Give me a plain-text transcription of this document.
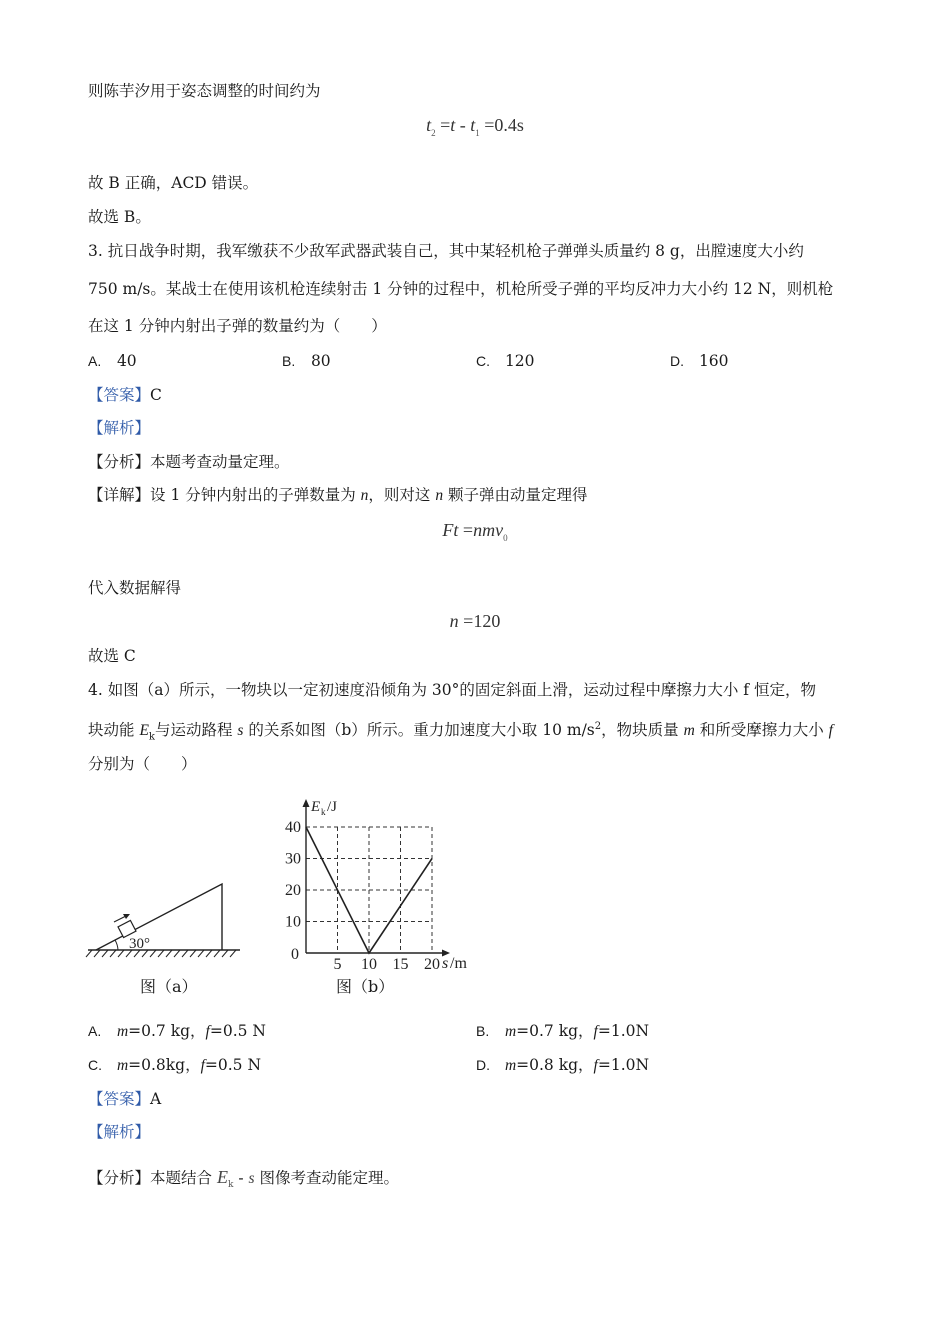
则陈芋汐用于姿态调整的时间约为
$t_2 =t - t_1 =0.4s$
故 B 正确，ACD 错误。
故选 B。
3. 抗日战争时期，我军缴获不少敌军武器武装自己，其中某轻机枪子弹弹头质量约 8 g，出膛速度大小约
750 m/s。某战士在使用该机枪连续射击 1 分钟的过程中，机枪所受子弹的平均反冲力大小约 12 N，则机枪
在这 1 分钟内射出子弹的数量约为（　　）
A. 40	B. 80	C. 120	D. 160
【答案】C
【解析】
【分析】本题考查动量定理。
【详解】设 1 分钟内射出的子弹数量为 n，则对这 n 颗子弹由动量定理得
Ft =nmv$_0$
代入数据解得
n =120
故选 C
4. 如图（a）所示，一物块以一定初速度沿倾角为 30°的固定斜面上滑，运动过程中摩擦力大小 f 恒定，物
块动能 $E_k$与运动路程 s 的关系如图（b）所示。重力加速度大小取 10 $m/s^2$，物块质量 m 和所受摩擦力大小 f
分别为（　　）
30°
图（a）
10
20
30
40
5 10 15 20
E k /J
s /m
0
图（b）
A. m=0.7 kg，f=0.5 N	B. m=0.7 kg，f=1.0N
C. m=0.8kg，f=0.5 N	D. m=0.8 kg，f=1.0N
【答案】A
【解析】
【分析】本题结合 $E_k$ - s 图像考查动能定理。
